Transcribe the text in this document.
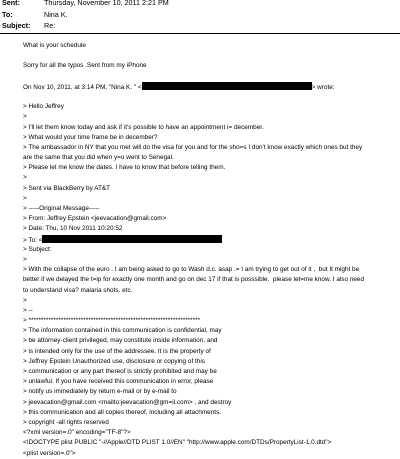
Sent:	Thursday, November 10, 2011 2:21 PM
To:	Nina K.
Subject:	Re:
What is your schedule
Sorry for all the typos .Sent from my iPhone
On Nov 10, 2011, at 3:14 PM, "Nina K. " <	> wrote:
> Hello Jeffrey
>
> I'll let them know today and ask if it's possible to have an appointment i= december.
> What would your time frame be in december?
> The ambassador in NY that you met will do the visa for you and for the sho=s I don't know exactly which ones but they
are the same that you did when y=u went to Senegal.
> Please let me know the dates. I have to know that before telling them.
>
> Sent via BlackBerry by AT&T
>
> -----Original Message-----
> From: Jeffrey Epstein <jeevacation@gmail.com>
> Date: Thu, 10 Nov 2011 10:20:52
> To: <
> Subject:
>
> With the collapse of the euro . I am being asked to go to Wash d.c. asap .= I am trying to get out of it ,  but It might be
better if we delayed the t=ip for exactly one month and go on dec 17 if that is posssible.  please let=me know. I also need
to understand visa? malaria shots. etc.
>
> --
> *********************************************************************
> The information contained in this communication is confidential, may
> be attorney-client privileged, may constitute inside information, and
> is intended only for the use of the addressee. It is the property of
> Jeffrey Epstein Unauthorized use, disclosure or copying of this
> communication or any part thereof is strictly prohibited and may be
> unlawful. If you have received this communication in error, please
> notify us immediately by return e-mail or by e-mail to
> jeevacation@gmail.com <mailto:jeevacation@gm=il.com> , and destroy
> this communication and all copies thereof, including all attachments.
> copyright -all rights reserved
<?xml version=.0" encoding="TF-8"?>
<!DOCTYPE plist PUBLIC "-//Apple//DTD PLIST 1.0//EN" "http://www.apple.com/DTDs/PropertyList-1.0.dtd">
<plist version=.0">
